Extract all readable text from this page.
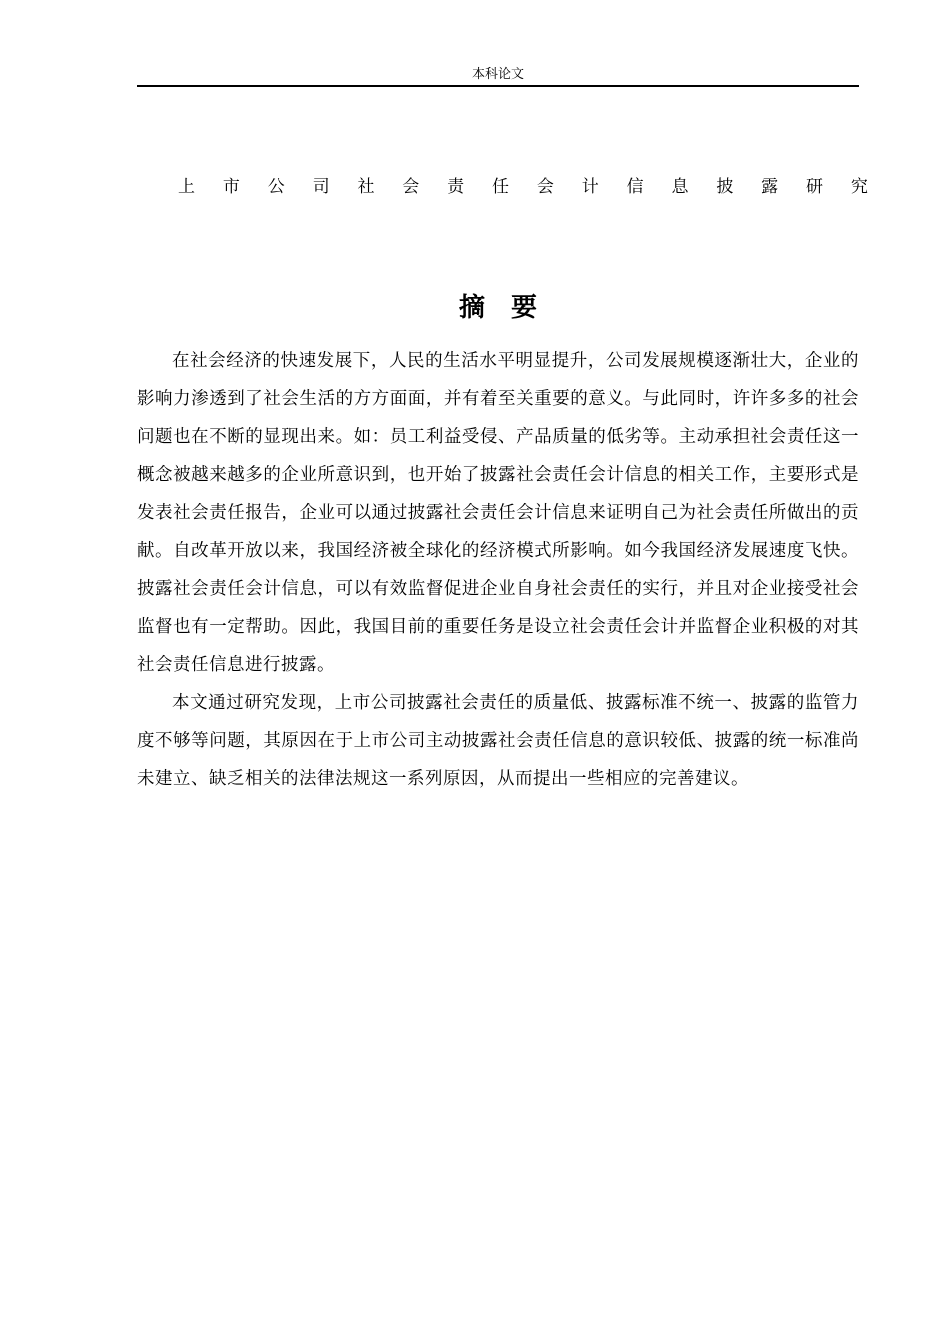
本科论文
上 市 公 司 社 会 责 任 会 计 信 息 披 露 研 究
摘要

在社会经济的快速发展下，人民的生活水平明显提升，公司发展规模逐渐壮大，企业的影响力渗透到了社会生活的方方面面，并有着至关重要的意义。与此同时，许许多多的社会问题也在不断的显现出来。如：员工利益受侵、产品质量的低劣等。主动承担社会责任这一概念被越来越多的企业所意识到，也开始了披露社会责任会计信息的相关工作，主要形式是发表社会责任报告，企业可以通过披露社会责任会计信息来证明自己为社会责任所做出的贡献。自改革开放以来，我国经济被全球化的经济模式所影响。如今我国经济发展速度飞快。披露社会责任会计信息，可以有效监督促进企业自身社会责任的实行，并且对企业接受社会监督也有一定帮助。因此，我国目前的重要任务是设立社会责任会计并监督企业积极的对其社会责任信息进行披露。

本文通过研究发现，上市公司披露社会责任的质量低、披露标准不统一、披露的监管力度不够等问题，其原因在于上市公司主动披露社会责任信息的意识较低、披露的统一标准尚未建立、缺乏相关的法律法规这一系列原因，从而提出一些相应的完善建议。
